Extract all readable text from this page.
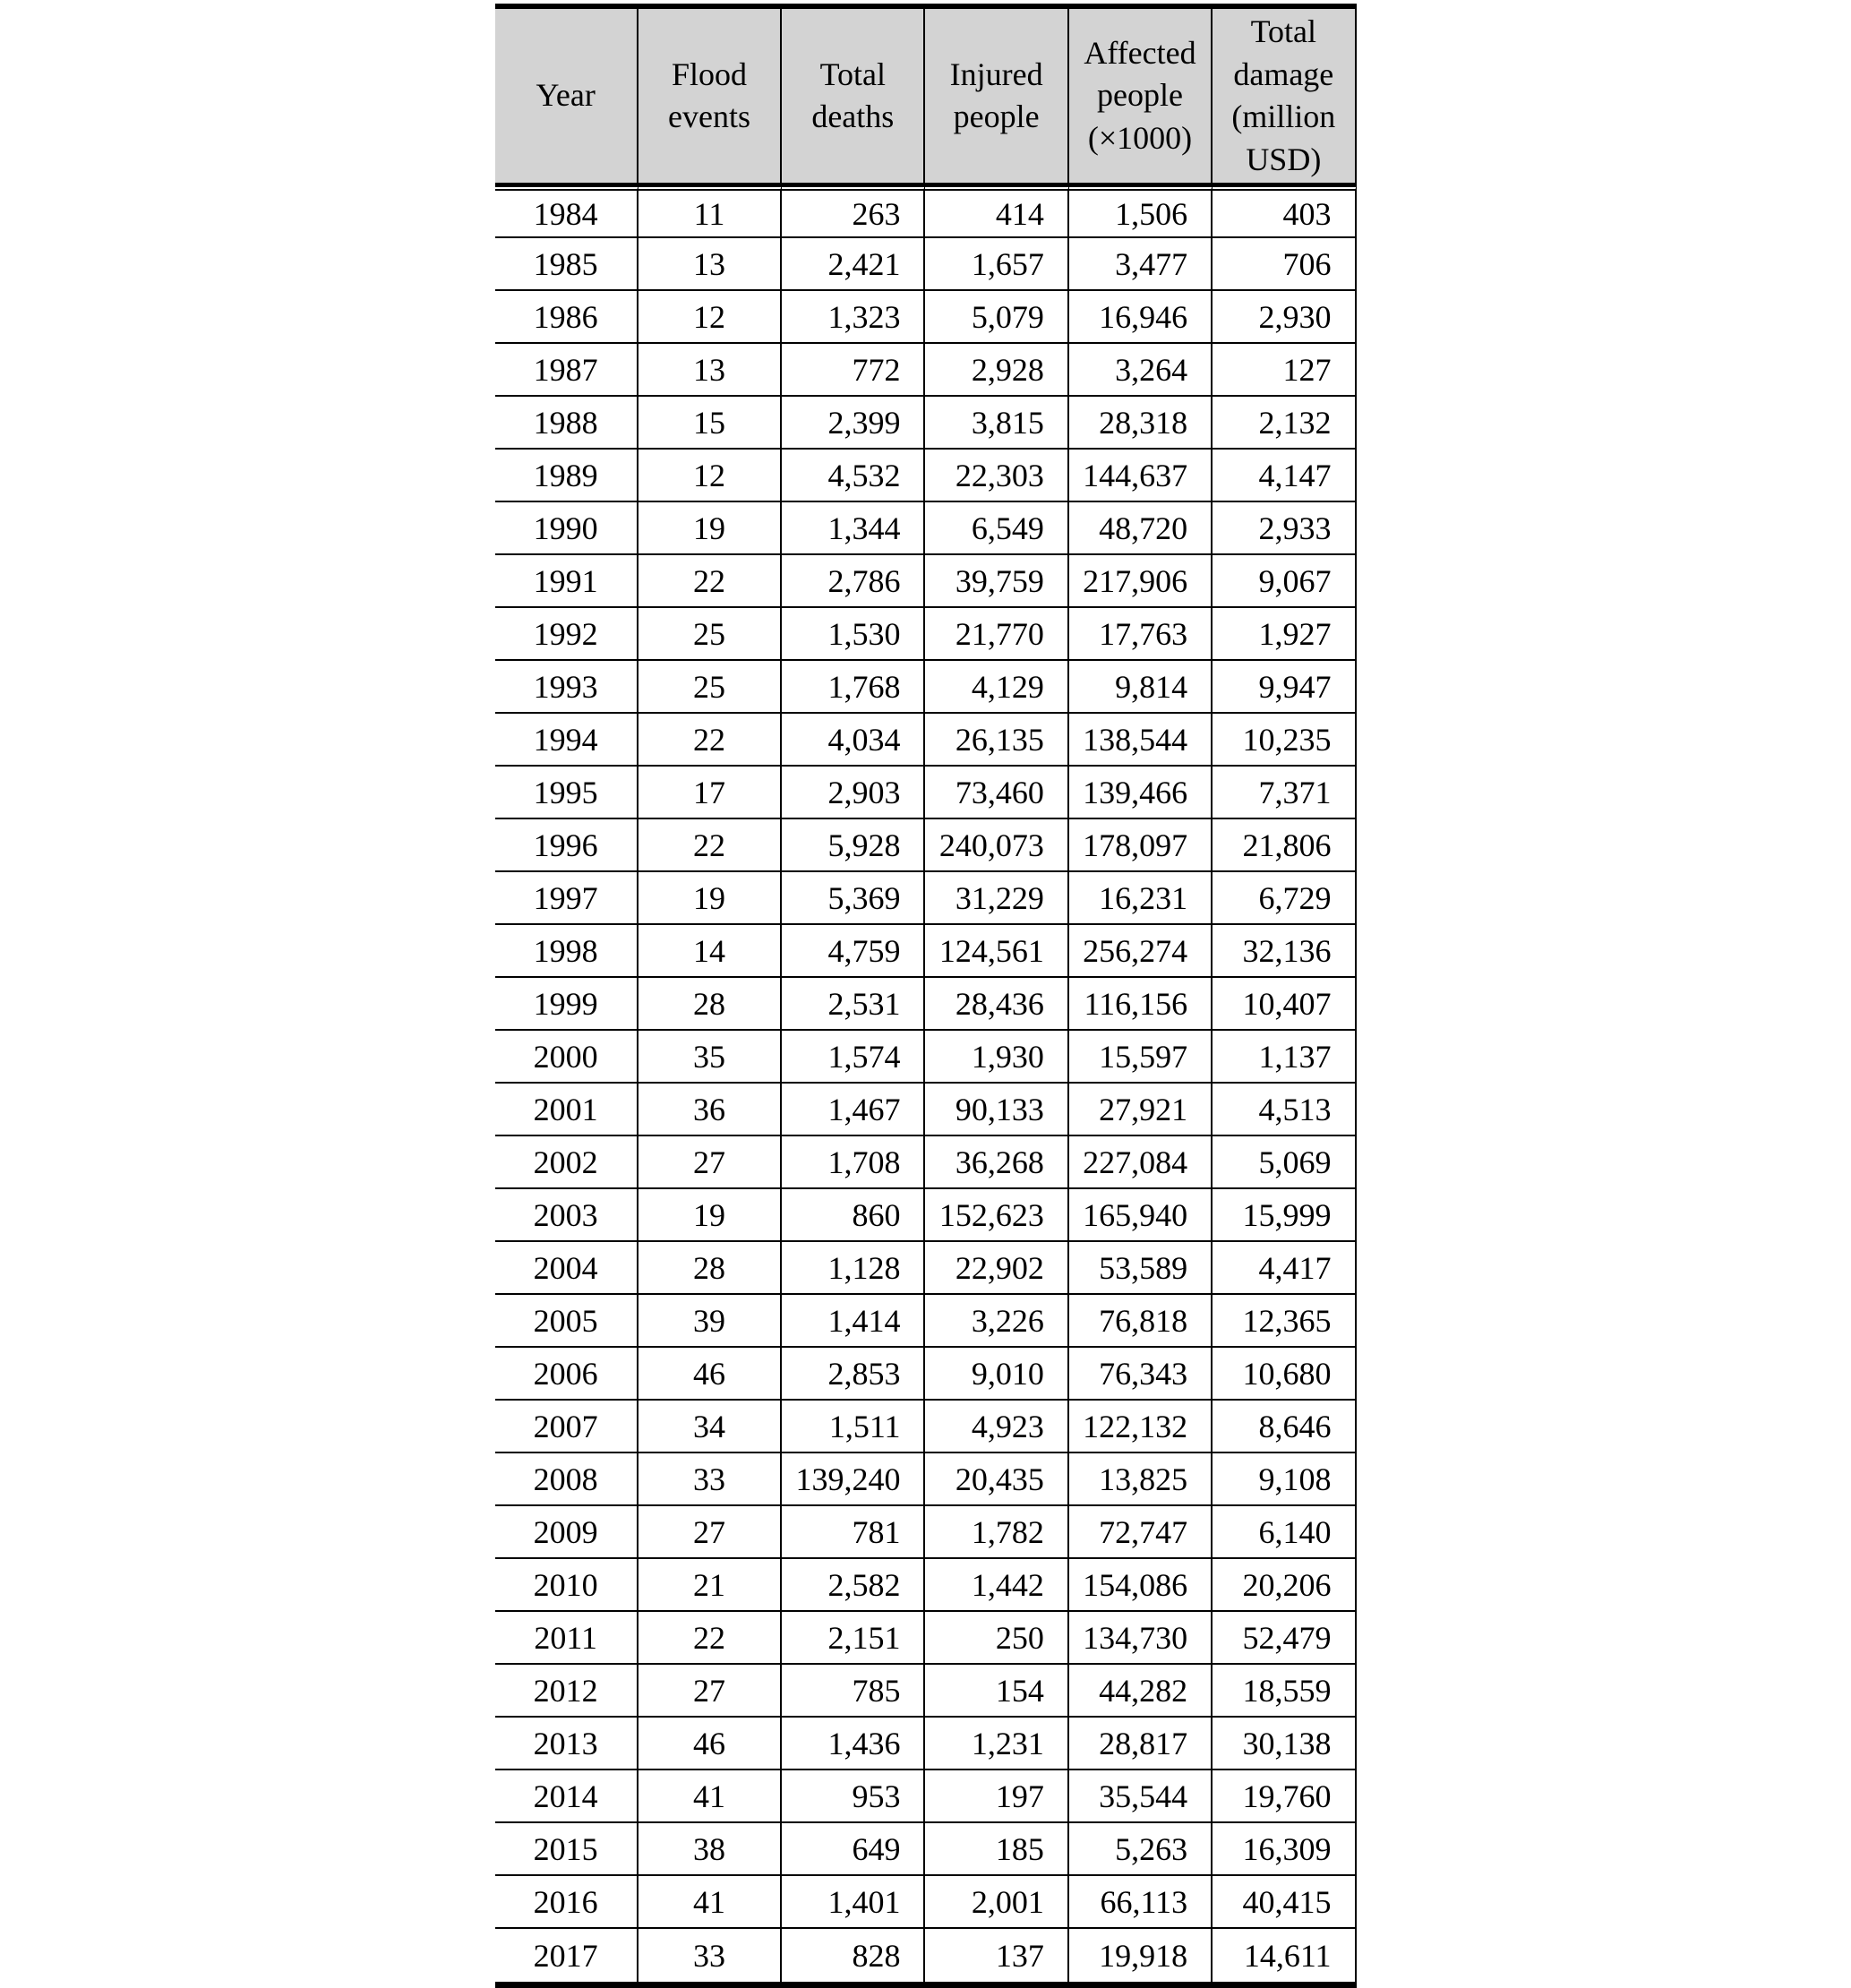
Year	Flood events	Total deaths	Injured people	Affected people (×1000)	Total damage (million USD)
1984	11	263	414	1,506	403
1985	13	2,421	1,657	3,477	706
1986	12	1,323	5,079	16,946	2,930
1987	13	772	2,928	3,264	127
1988	15	2,399	3,815	28,318	2,132
1989	12	4,532	22,303	144,637	4,147
1990	19	1,344	6,549	48,720	2,933
1991	22	2,786	39,759	217,906	9,067
1992	25	1,530	21,770	17,763	1,927
1993	25	1,768	4,129	9,814	9,947
1994	22	4,034	26,135	138,544	10,235
1995	17	2,903	73,460	139,466	7,371
1996	22	5,928	240,073	178,097	21,806
1997	19	5,369	31,229	16,231	6,729
1998	14	4,759	124,561	256,274	32,136
1999	28	2,531	28,436	116,156	10,407
2000	35	1,574	1,930	15,597	1,137
2001	36	1,467	90,133	27,921	4,513
2002	27	1,708	36,268	227,084	5,069
2003	19	860	152,623	165,940	15,999
2004	28	1,128	22,902	53,589	4,417
2005	39	1,414	3,226	76,818	12,365
2006	46	2,853	9,010	76,343	10,680
2007	34	1,511	4,923	122,132	8,646
2008	33	139,240	20,435	13,825	9,108
2009	27	781	1,782	72,747	6,140
2010	21	2,582	1,442	154,086	20,206
2011	22	2,151	250	134,730	52,479
2012	27	785	154	44,282	18,559
2013	46	1,436	1,231	28,817	30,138
2014	41	953	197	35,544	19,760
2015	38	649	185	5,263	16,309
2016	41	1,401	2,001	66,113	40,415
2017	33	828	137	19,918	14,611
